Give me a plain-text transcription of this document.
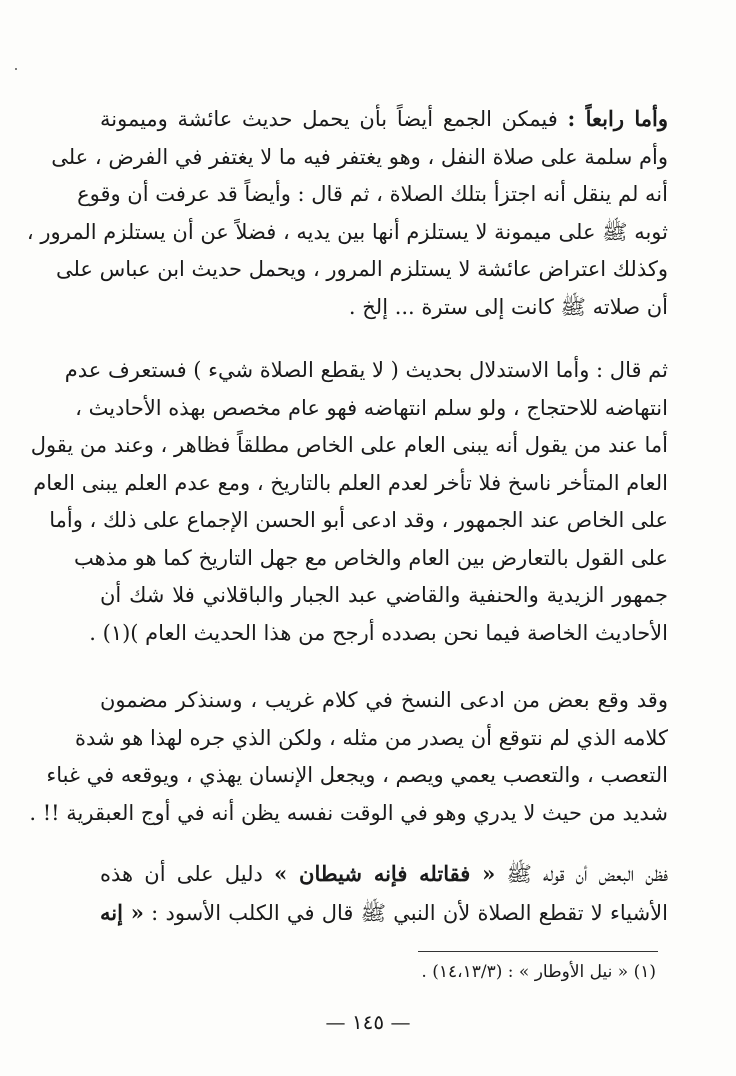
وأما رابعاً : فيمكن الجمع أيضاً بأن يحمل حديث عائشة وميمونة
وأم سلمة على صلاة النفل ، وهو يغتفر فيه ما لا يغتفر في الفرض ، على
أنه لم ينقل أنه اجتزأ بتلك الصلاة ، ثم قال : وأيضاً قد عرفت أن وقوع
ثوبه ﷺ على ميمونة لا يستلزم أنها بين يديه ، فضلاً عن أن يستلزم المرور ،
وكذلك اعتراض عائشة لا يستلزم المرور ، ويحمل حديث ابن عباس على
أن صلاته ﷺ كانت إلى سترة ... إلخ .
ثم قال : وأما الاستدلال بحديث ( لا يقطع الصلاة شيء ) فستعرف عدم
انتهاضه للاحتجاج ، ولو سلم انتهاضه فهو عام مخصص بهذه الأحاديث ،
أما عند من يقول أنه يبنى العام على الخاص مطلقاً فظاهر ، وعند من يقول
العام المتأخر ناسخ فلا تأخر لعدم العلم بالتاريخ ، ومع عدم العلم يبنى العام
على الخاص عند الجمهور ، وقد ادعى أبو الحسن الإجماع على ذلك ، وأما
على القول بالتعارض بين العام والخاص مع جهل التاريخ كما هو مذهب
جمهور الزيدية والحنفية والقاضي عبد الجبار والباقلاني فلا شك أن
الأحاديث الخاصة فيما نحن بصدده أرجح من هذا الحديث العام )(١) .
وقد وقع بعض من ادعى النسخ في كلام غريب ، وسنذكر مضمون
كلامه الذي لم نتوقع أن يصدر من مثله ، ولكن الذي جره لهذا هو شدة
التعصب ، والتعصب يعمي ويصم ، ويجعل الإنسان يهذي ، ويوقعه في غباء
شديد من حيث لا يدري وهو في الوقت نفسه يظن أنه في أوج العبقرية !! .
فظن البعض أن قوله ﷺ « فقاتله فإنه شيطان » دليل على أن هذه
الأشياء لا تقطع الصلاة لأن النبي ﷺ قال في الكلب الأسود : « إنه
(١) « نيل الأوطار » : (١٤،١٣/٣) .
— ١٤٥ —
